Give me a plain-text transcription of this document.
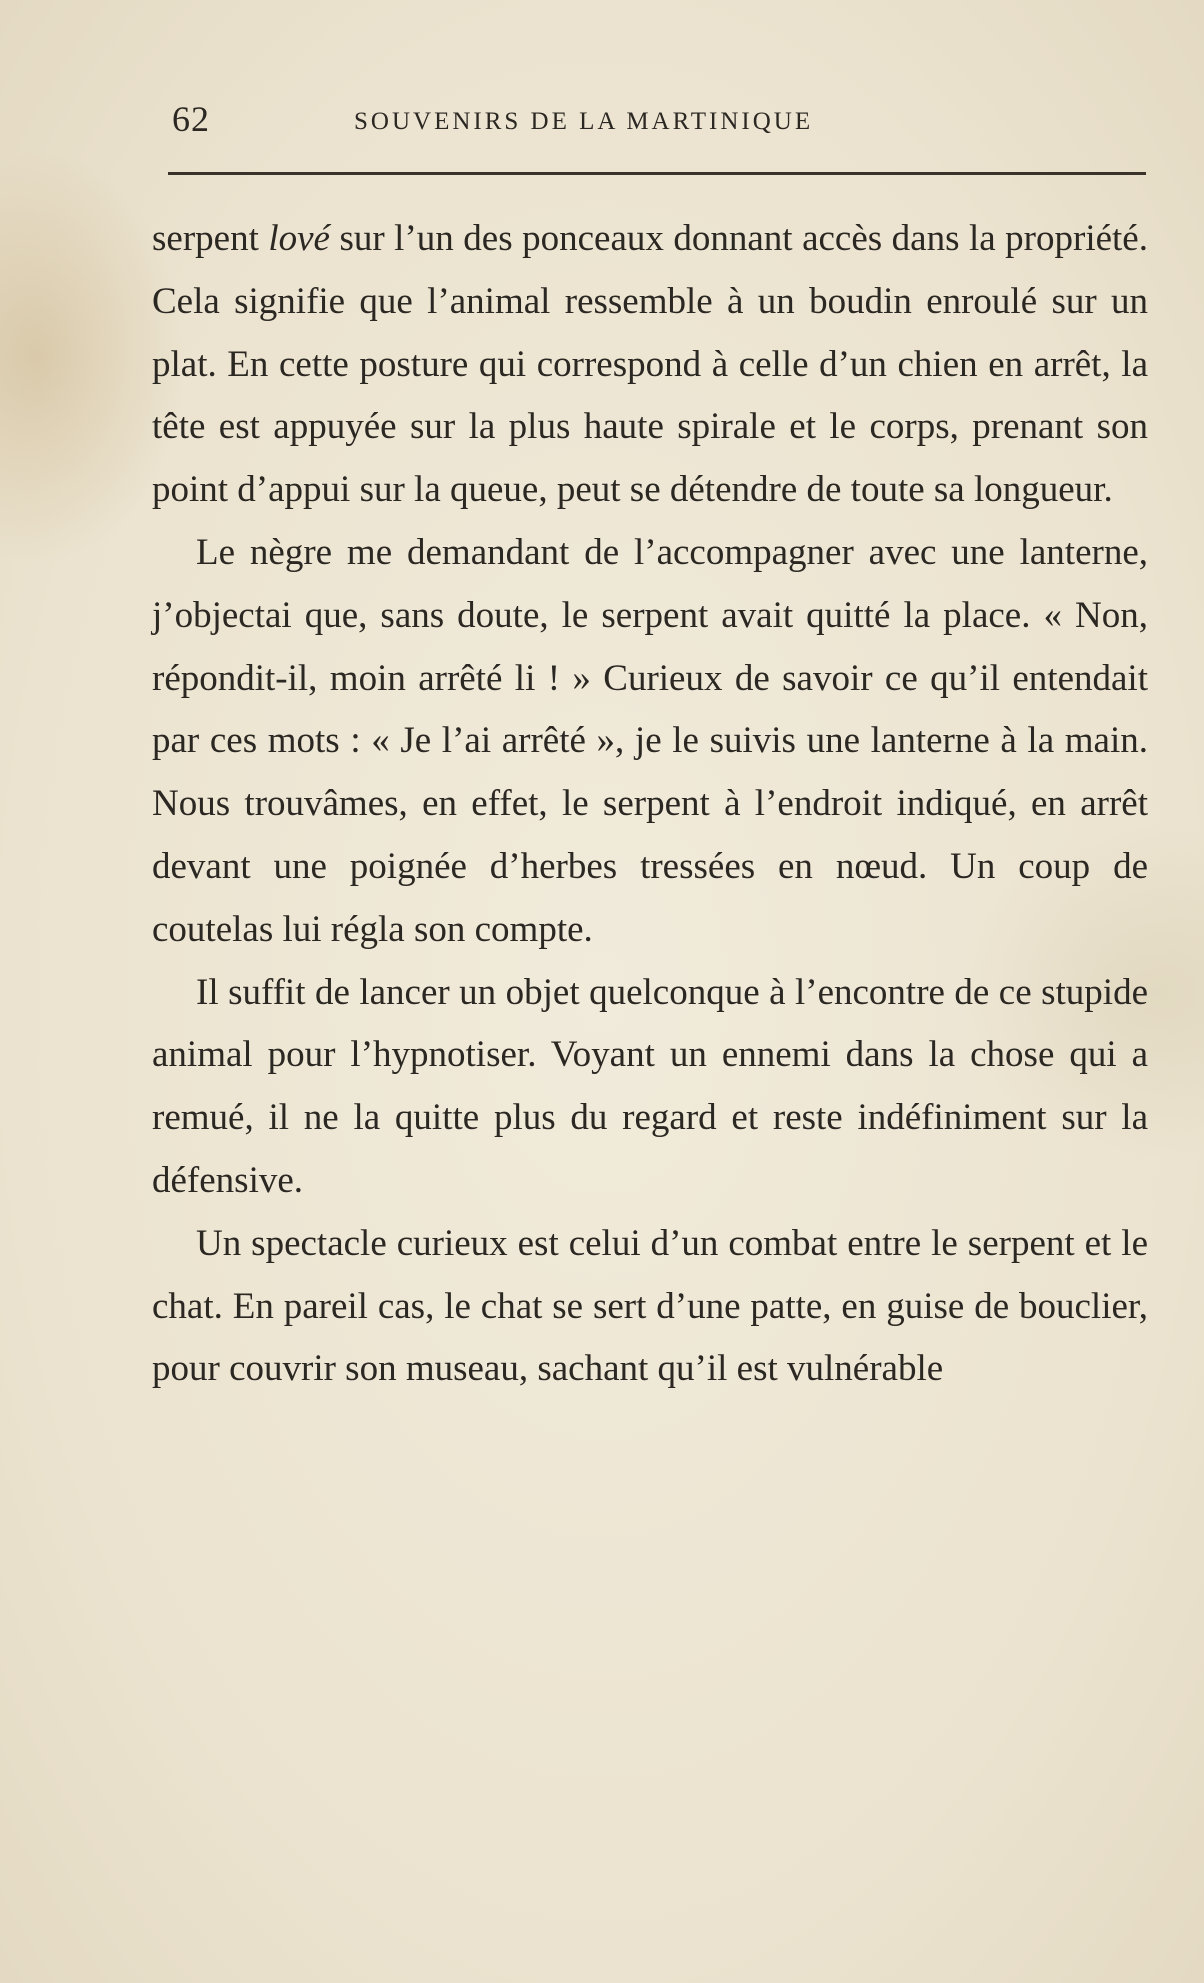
62	SOUVENIRS DE LA MARTINIQUE

serpent lové sur l’un des ponceaux donnant accès dans la propriété. Cela signifie que l’animal ressemble à un boudin enroulé sur un plat. En cette posture qui correspond à celle d’un chien en arrêt, la tête est appuyée sur la plus haute spirale et le corps, prenant son point d’appui sur la queue, peut se détendre de toute sa longueur.

Le nègre me demandant de l’accompagner avec une lanterne, j’objectai que, sans doute, le serpent avait quitté la place. « Non, répondit-il, moin arrêté li ! » Curieux de savoir ce qu’il entendait par ces mots : « Je l’ai arrêté », je le suivis une lanterne à la main. Nous trouvâmes, en effet, le serpent à l’endroit indiqué, en arrêt devant une poignée d’herbes tressées en nœud. Un coup de coutelas lui régla son compte.

Il suffit de lancer un objet quelconque à l’encontre de ce stupide animal pour l’hypnotiser. Voyant un ennemi dans la chose qui a remué, il ne la quitte plus du regard et reste indéfiniment sur la défensive.

Un spectacle curieux est celui d’un combat entre le serpent et le chat. En pareil cas, le chat se sert d’une patte, en guise de bouclier, pour couvrir son museau, sachant qu’il est vulnérable
